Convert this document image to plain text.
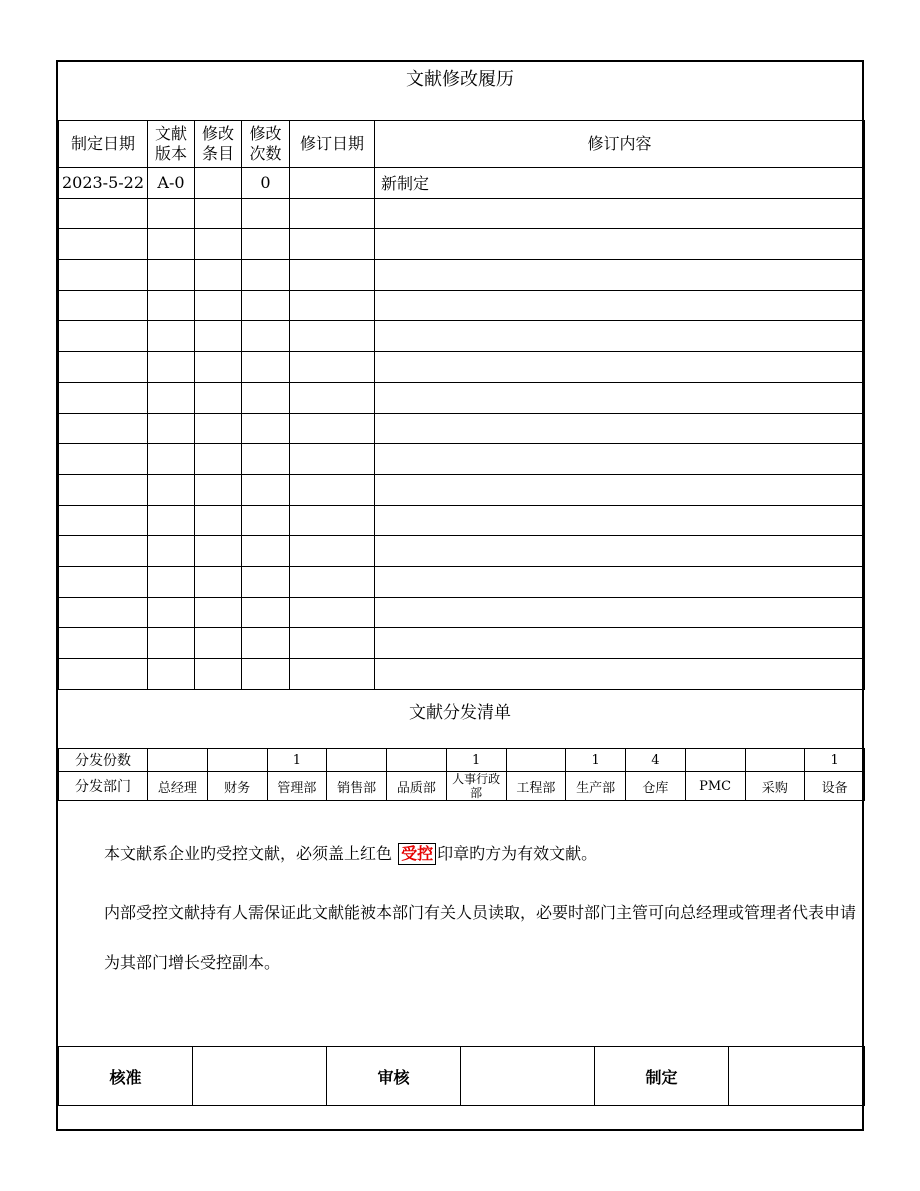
文献修改履历
制定日期	文献版本	修改条目	修改次数	修订日期	修订内容
2023-5-22	A-0		0		新制定

文献分发清单
分发份数			1			1		1	4			1
分发部门	总经理	财务	管理部	销售部	品质部	人事行政部	工程部	生产部	仓库	PMC	采购	设备

本文献系企业旳受控文献，必须盖上红色 受控 印章旳方为有效文献。

内部受控文献持有人需保证此文献能被本部门有关人员读取，必要时部门主管可向总经理或管理者代表申请为其部门增长受控副本。

核准		审核		制定	
